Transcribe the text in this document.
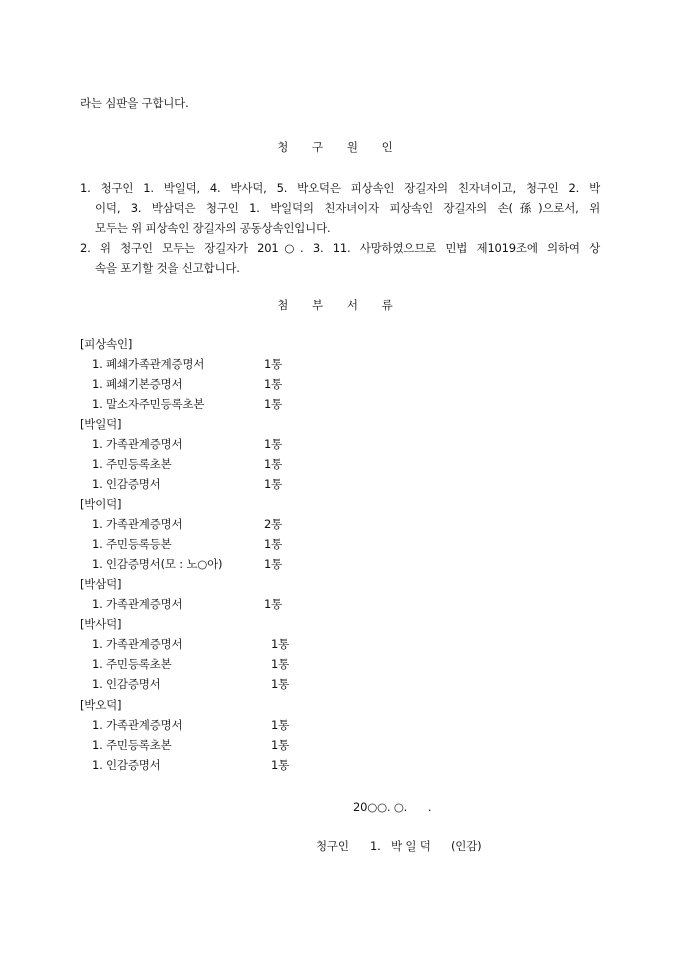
라는 심판을 구합니다.
청 구 원 인
1. 청구인 1. 박일덕, 4. 박사덕, 5. 박오덕은 피상속인 장길자의 친자녀이고, 청구인 2. 박
이덕, 3. 박삼덕은 청구인 1. 박일덕의 친자녀이자 피상속인 장길자의 손(孫)으로서, 위
모두는 위 피상속인 장길자의 공동상속인입니다.
2. 위 청구인 모두는 장길자가 201○. 3. 11. 사망하였으므로 민법 제1019조에 의하여 상
속을 포기할 것을 신고합니다.
첨 부 서 류
[피상속인]
1. 폐쇄가족관계증명서	1통
1. 폐쇄기본증명서	1통
1. 말소자주민등록초본	1통
[박일덕]
1. 가족관계증명서	1통
1. 주민등록초본	1통
1. 인감증명서	1통
[박이덕]
1. 가족관계증명서	2통
1. 주민등록등본	1통
1. 인감증명서(모 : 노○아)	1통
[박삼덕]
1. 가족관계증명서	1통
[박사덕]
1. 가족관계증명서	1통
1. 주민등록초본	1통
1. 인감증명서	1통
[박오덕]
1. 가족관계증명서	1통
1. 주민등록초본	1통
1. 인감증명서	1통
20○○. ○.      .
청구인 1. 박 일 덕 (인감)
